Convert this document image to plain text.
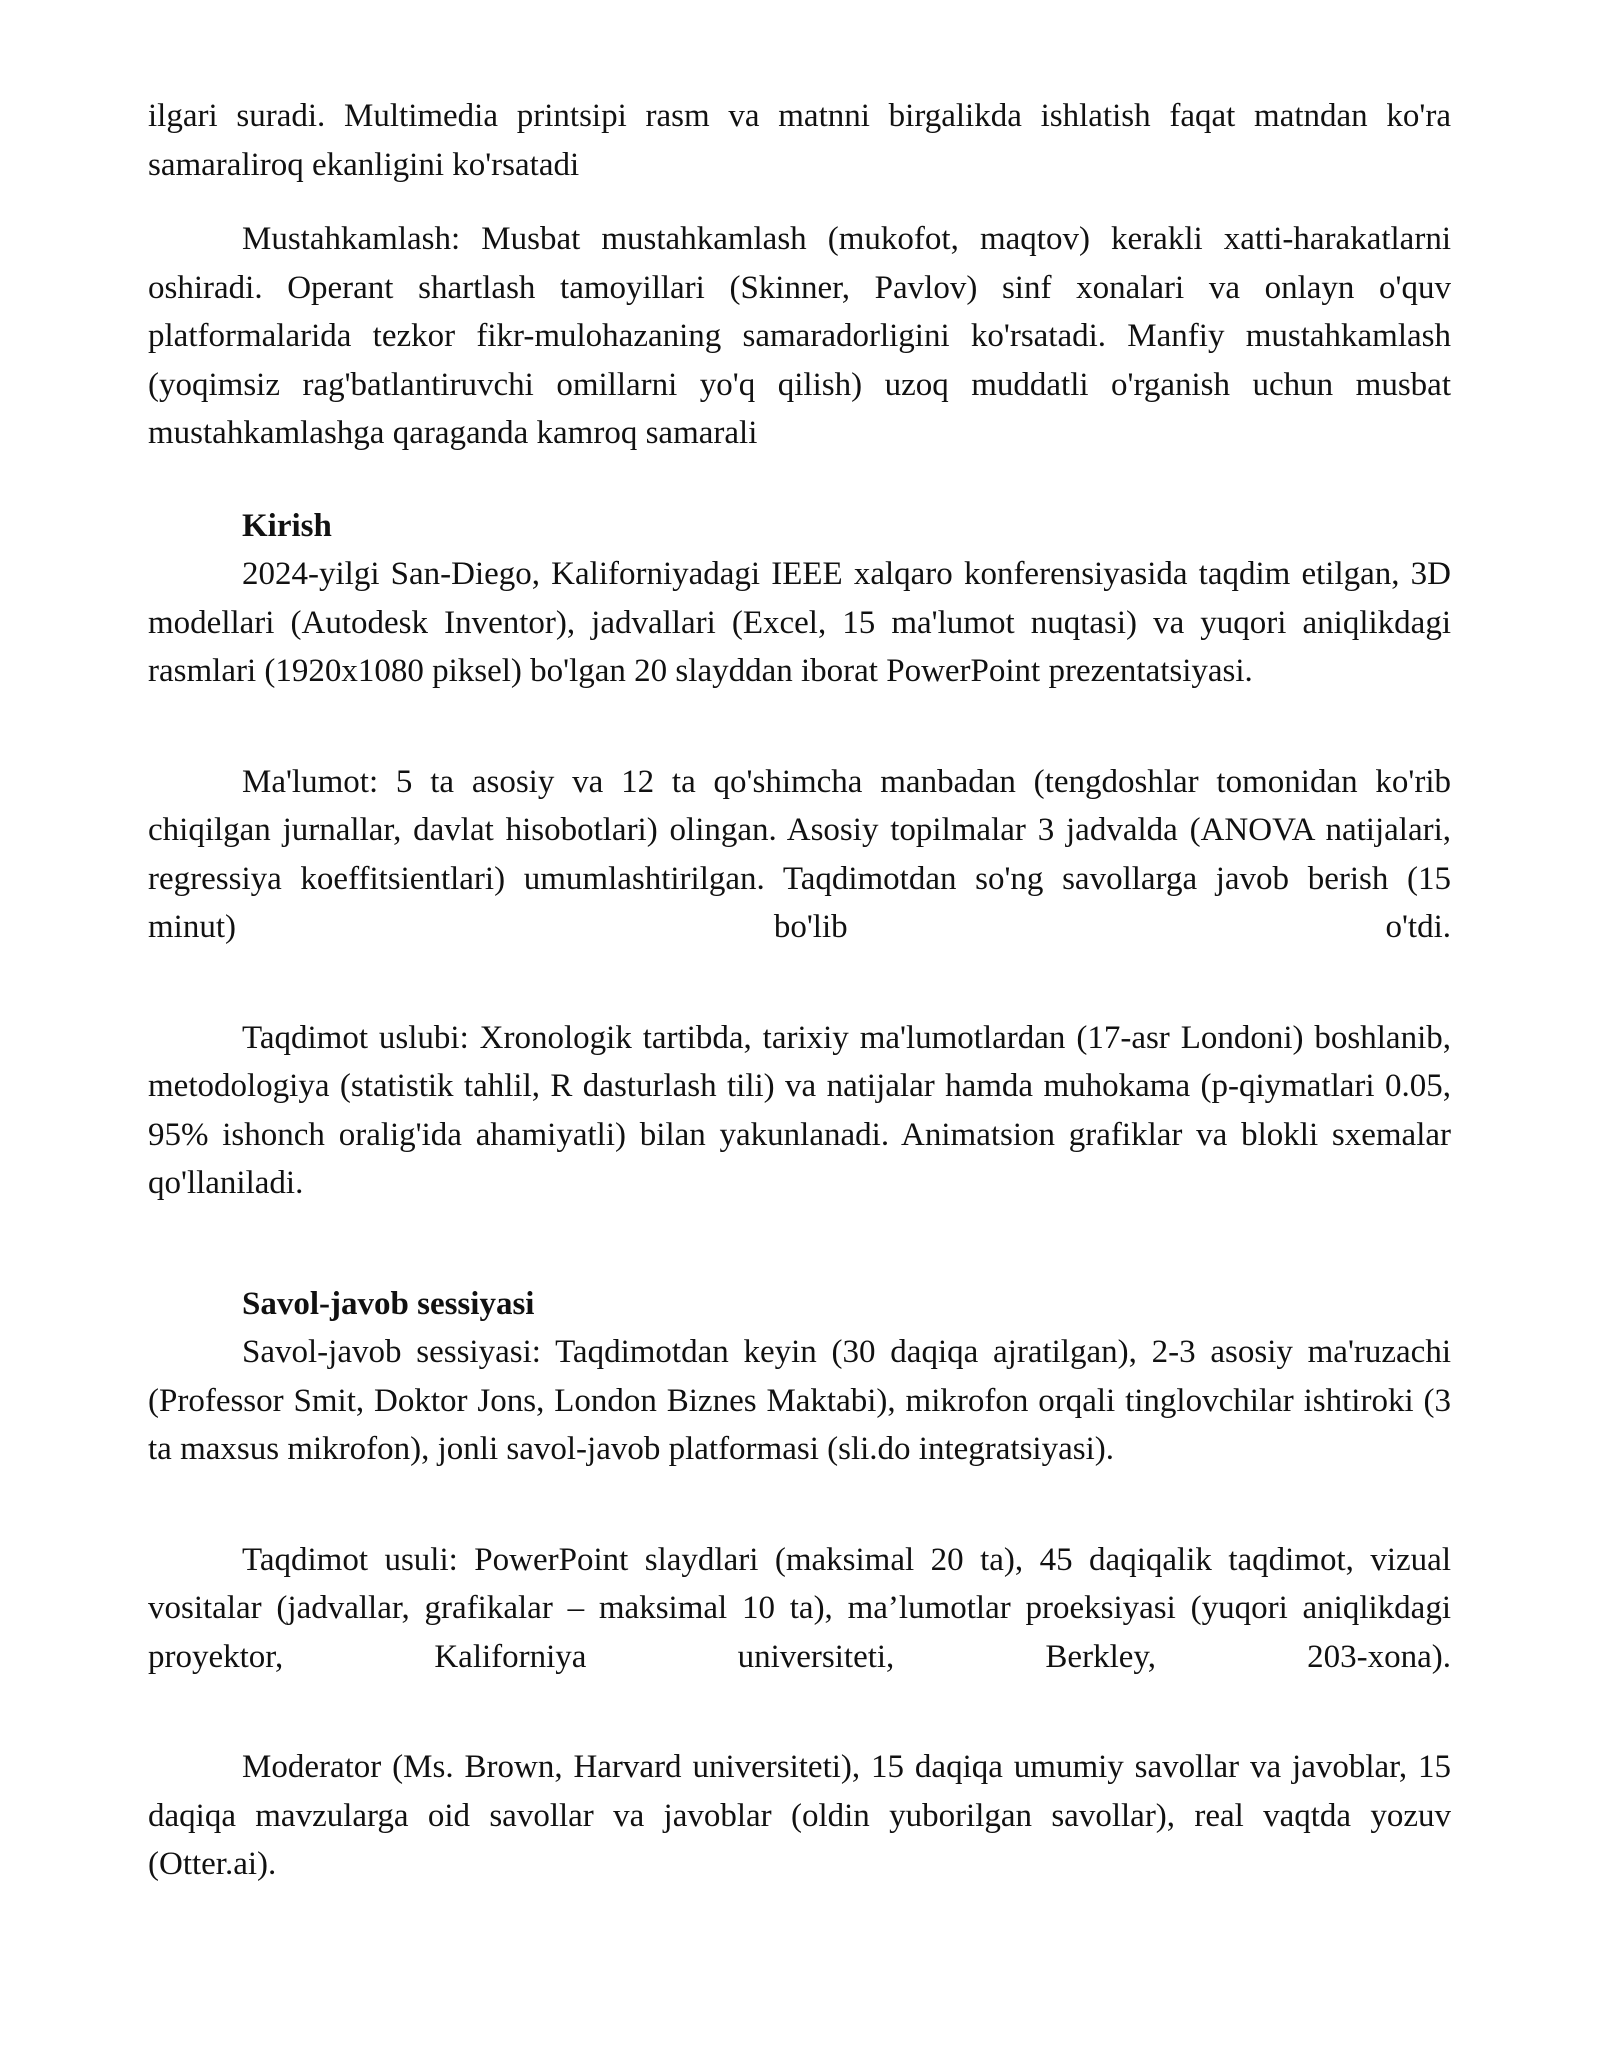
ilgari suradi. Multimedia printsipi rasm va matnni birgalikda ishlatish faqat matndan ko'ra samaraliroq ekanligini ko'rsatadi

Mustahkamlash: Musbat mustahkamlash (mukofot, maqtov) kerakli xatti-harakatlarni oshiradi. Operant shartlash tamoyillari (Skinner, Pavlov) sinf xonalari va onlayn o'quv platformalarida tezkor fikr-mulohazaning samaradorligini ko'rsatadi. Manfiy mustahkamlash (yoqimsiz rag'batlantiruvchi omillarni yo'q qilish) uzoq muddatli o'rganish uchun musbat mustahkamlashga qaraganda kamroq samarali

Kirish

2024-yilgi San-Diego, Kaliforniyadagi IEEE xalqaro konferensiyasida taqdim etilgan, 3D modellari (Autodesk Inventor), jadvallari (Excel, 15 ma'lumot nuqtasi) va yuqori aniqlikdagi rasmlari (1920x1080 piksel) bo'lgan 20 slayddan iborat PowerPoint prezentatsiyasi.

Ma'lumot: 5 ta asosiy va 12 ta qo'shimcha manbadan (tengdoshlar tomonidan ko'rib chiqilgan jurnallar, davlat hisobotlari) olingan. Asosiy topilmalar 3 jadvalda (ANOVA natijalari, regressiya koeffitsientlari) umumlashtirilgan. Taqdimotdan so'ng savollarga javob berish (15 minut) bo'lib o'tdi.

Taqdimot uslubi: Xronologik tartibda, tarixiy ma'lumotlardan (17-asr Londoni) boshlanib, metodologiya (statistik tahlil, R dasturlash tili) va natijalar hamda muhokama (p-qiymatlari 0.05, 95% ishonch oralig'ida ahamiyatli) bilan yakunlanadi. Animatsion grafiklar va blokli sxemalar qo'llaniladi.

Savol-javob sessiyasi

Savol-javob sessiyasi: Taqdimotdan keyin (30 daqiqa ajratilgan), 2-3 asosiy ma'ruzachi (Professor Smit, Doktor Jons, London Biznes Maktabi), mikrofon orqali tinglovchilar ishtiroki (3 ta maxsus mikrofon), jonli savol-javob platformasi (sli.do integratsiyasi).

Taqdimot usuli: PowerPoint slaydlari (maksimal 20 ta), 45 daqiqalik taqdimot, vizual vositalar (jadvallar, grafikalar – maksimal 10 ta), ma’lumotlar proeksiyasi (yuqori aniqlikdagi proyektor, Kaliforniya universiteti, Berkley, 203-xona).

Moderator (Ms. Brown, Harvard universiteti), 15 daqiqa umumiy savollar va javoblar, 15 daqiqa mavzularga oid savollar va javoblar (oldin yuborilgan savollar), real vaqtda yozuv (Otter.ai).
